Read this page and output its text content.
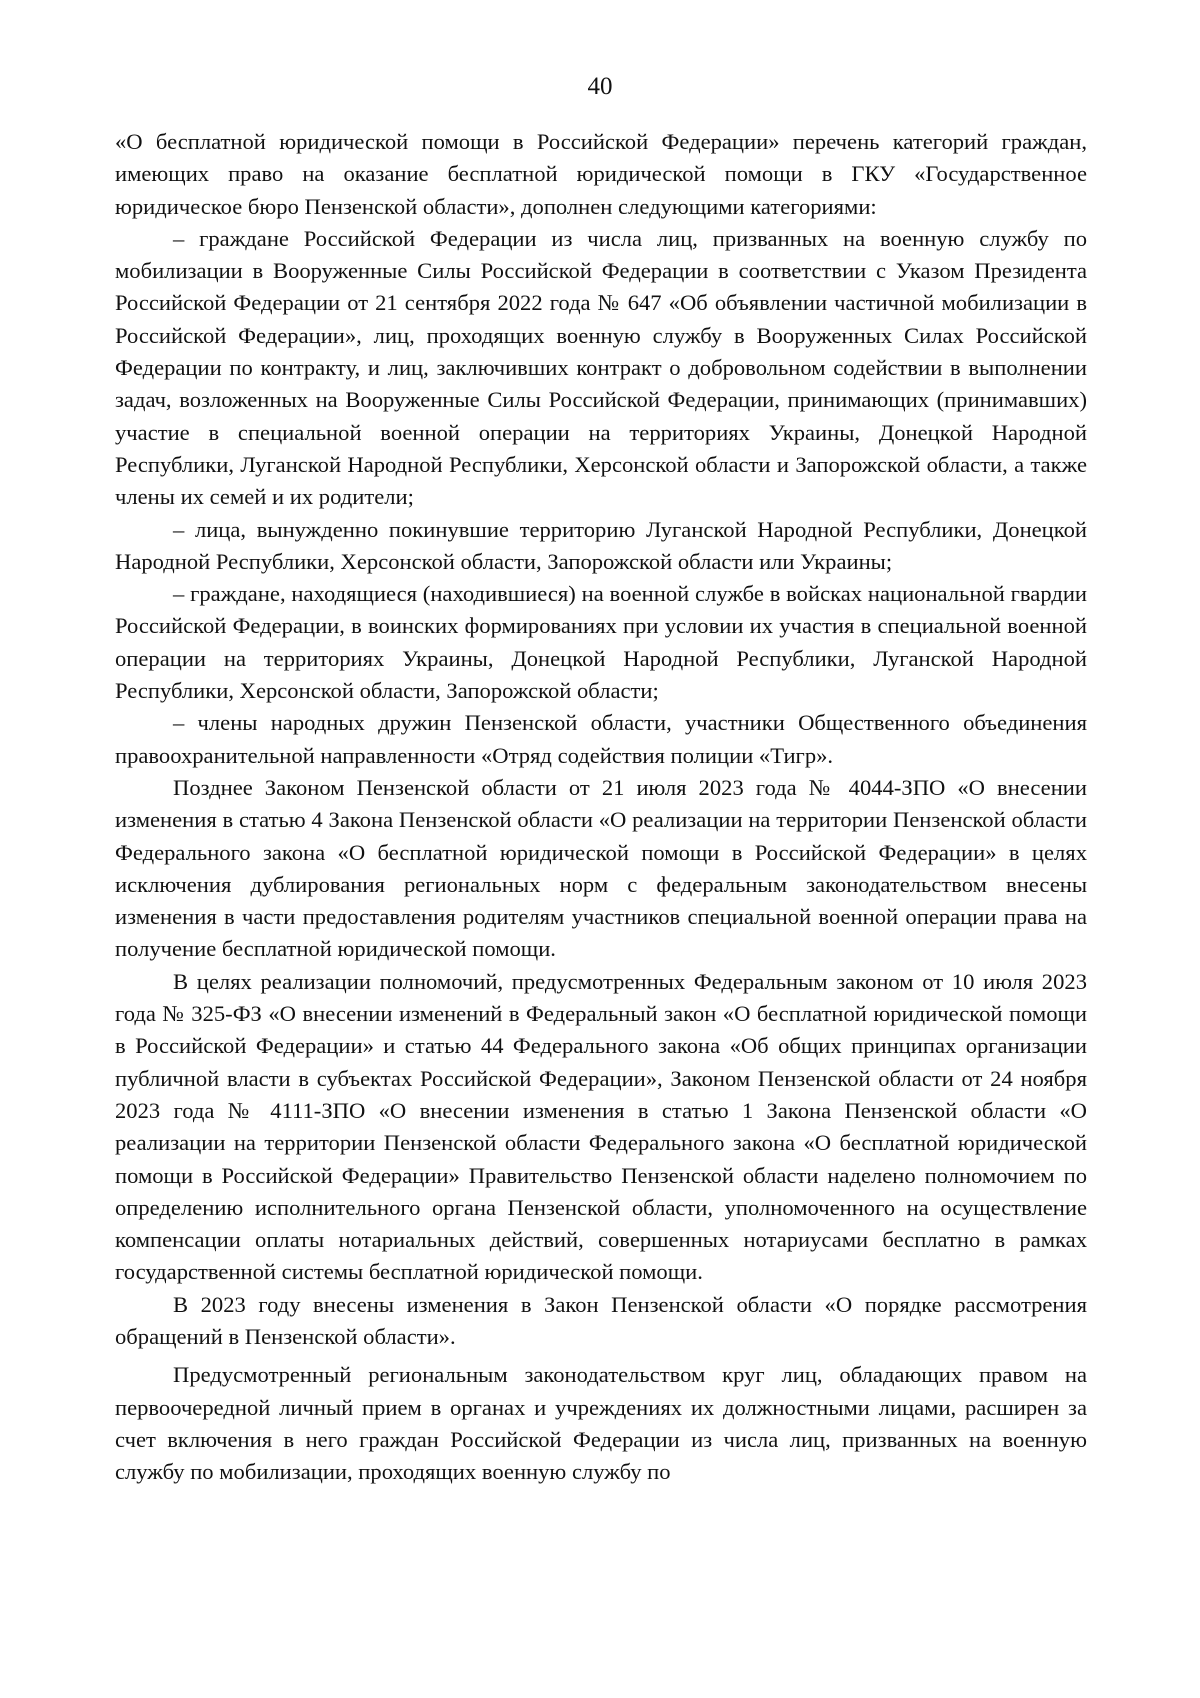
40

«О бесплатной юридической помощи в Российской Федерации» перечень категорий граждан, имеющих право на оказание бесплатной юридической помощи в ГКУ «Государственное юридическое бюро Пензенской области», дополнен следующими категориями:

– граждане Российской Федерации из числа лиц, призванных на военную службу по мобилизации в Вооруженные Силы Российской Федерации в соответствии с Указом Президента Российской Федерации от 21 сентября 2022 года № 647 «Об объявлении частичной мобилизации в Российской Федерации», лиц, проходящих военную службу в Вооруженных Силах Российской Федерации по контракту, и лиц, заключивших контракт о добровольном содействии в выполнении задач, возложенных на Вооруженные Силы Российской Федерации, принимающих (принимавших) участие в специальной военной операции на территориях Украины, Донецкой Народной Республики, Луганской Народной Республики, Херсонской области и Запорожской области, а также члены их семей и их родители;

– лица, вынужденно покинувшие территорию Луганской Народной Республики, Донецкой Народной Республики, Херсонской области, Запорожской области или Украины;

– граждане, находящиеся (находившиеся) на военной службе в войсках национальной гвардии Российской Федерации, в воинских формированиях при условии их участия в специальной военной операции на территориях Украины, Донецкой Народной Республики, Луганской Народной Республики, Херсонской области, Запорожской области;

– члены народных дружин Пензенской области, участники Общественного объединения правоохранительной направленности «Отряд содействия полиции «Тигр».

Позднее Законом Пензенской области от 21 июля 2023 года № 4044-ЗПО «О внесении изменения в статью 4 Закона Пензенской области «О реализации на территории Пензенской области Федерального закона «О бесплатной юридической помощи в Российской Федерации» в целях исключения дублирования региональных норм с федеральным законодательством внесены изменения в части предоставления родителям участников специальной военной операции права на получение бесплатной юридической помощи.

В целях реализации полномочий, предусмотренных Федеральным законом от 10 июля 2023 года № 325-ФЗ «О внесении изменений в Федеральный закон «О бесплатной юридической помощи в Российской Федерации» и статью 44 Федерального закона «Об общих принципах организации публичной власти в субъектах Российской Федерации», Законом Пензенской области от 24 ноября 2023 года № 4111-ЗПО «О внесении изменения в статью 1 Закона Пензенской области «О реализации на территории Пензенской области Федерального закона «О бесплатной юридической помощи в Российской Федерации» Правительство Пензенской области наделено полномочием по определению исполнительного органа Пензенской области, уполномоченного на осуществление компенсации оплаты нотариальных действий, совершенных нотариусами бесплатно в рамках государственной системы бесплатной юридической помощи.

В 2023 году внесены изменения в Закон Пензенской области «О порядке рассмотрения обращений в Пензенской области».

Предусмотренный региональным законодательством круг лиц, обладающих правом на первоочередной личный прием в органах и учреждениях их должностными лицами, расширен за счет включения в него граждан Российской Федерации из числа лиц, призванных на военную службу по мобилизации, проходящих военную службу по
